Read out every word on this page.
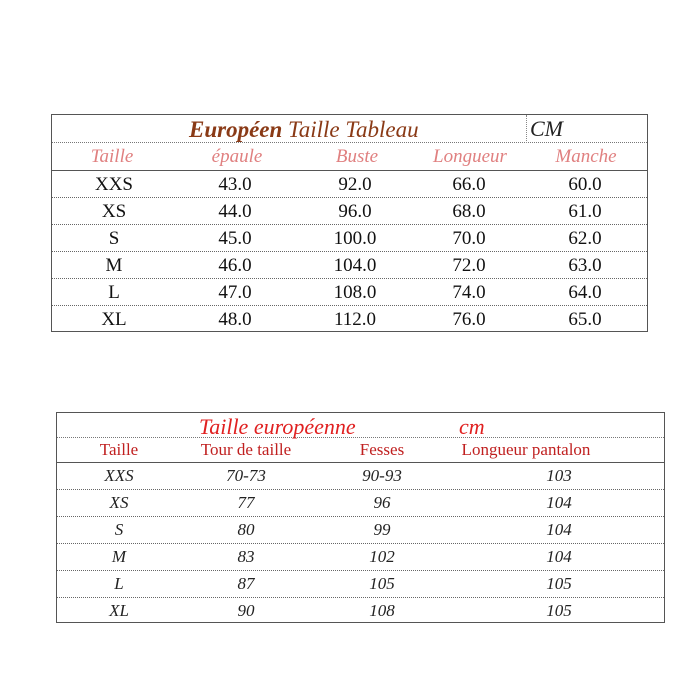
Européen Taille Tableau	CM
Taille	épaule	Buste	Longueur	Manche
XXS	43.0	92.0	66.0	60.0
XS	44.0	96.0	68.0	61.0
S	45.0	100.0	70.0	62.0
M	46.0	104.0	72.0	63.0
L	47.0	108.0	74.0	64.0
XL	48.0	112.0	76.0	65.0
Taille européenne	cm
Taille	Tour de taille	Fesses	Longueur pantalon
XXS	70-73	90-93	103
XS	77	96	104
S	80	99	104
M	83	102	104
L	87	105	105
XL	90	108	105
